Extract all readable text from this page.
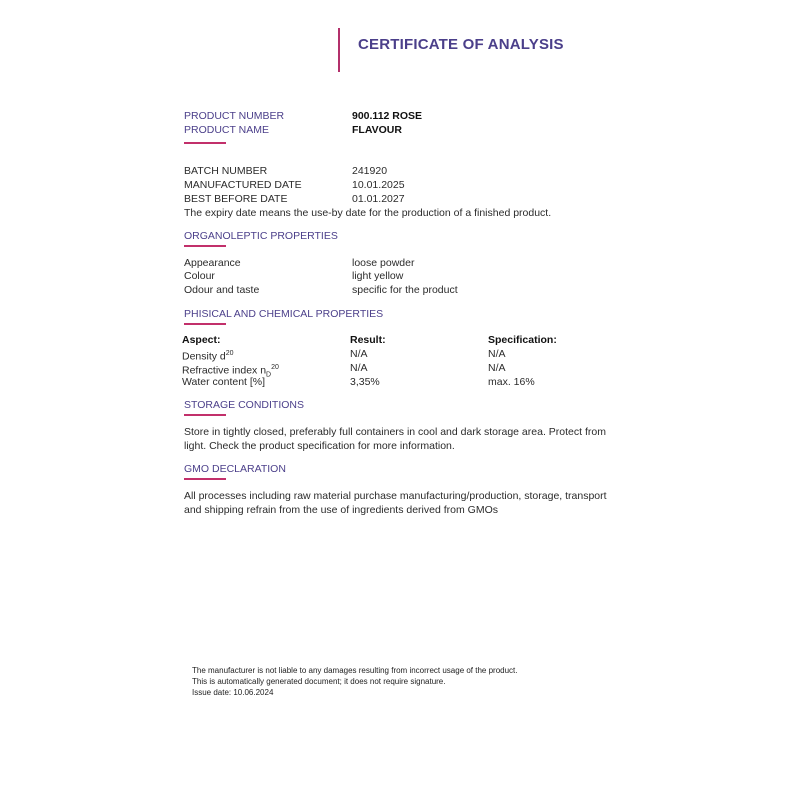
CERTIFICATE OF ANALYSIS
PRODUCT NUMBER	900.112 ROSE
PRODUCT NAME	FLAVOUR
BATCH NUMBER	241920
MANUFACTURED DATE	10.01.2025
BEST BEFORE DATE	01.01.2027
The expiry date means the use-by date for the production of a finished product.
ORGANOLEPTIC PROPERTIES
Appearance	loose powder
Colour	light yellow
Odour and taste	specific for the product
PHISICAL AND CHEMICAL PROPERTIES
Aspect:	Result:	Specification:
Density $d^{20}$	N/A	N/A
Refractive index $n_D^{20}$	N/A	N/A
Water content [%]	3,35%	max. 16%
STORAGE CONDITIONS
Store in tightly closed, preferably full containers in cool and dark storage area. Protect from light. Check the product specification for more information.
GMO DECLARATION
All processes including raw material purchase manufacturing/production, storage, transport and shipping refrain from the use of ingredients derived from GMOs
The manufacturer is not liable to any damages resulting from incorrect usage of the product.
This is automatically generated document; it does not require signature.
Issue date: 10.06.2024
